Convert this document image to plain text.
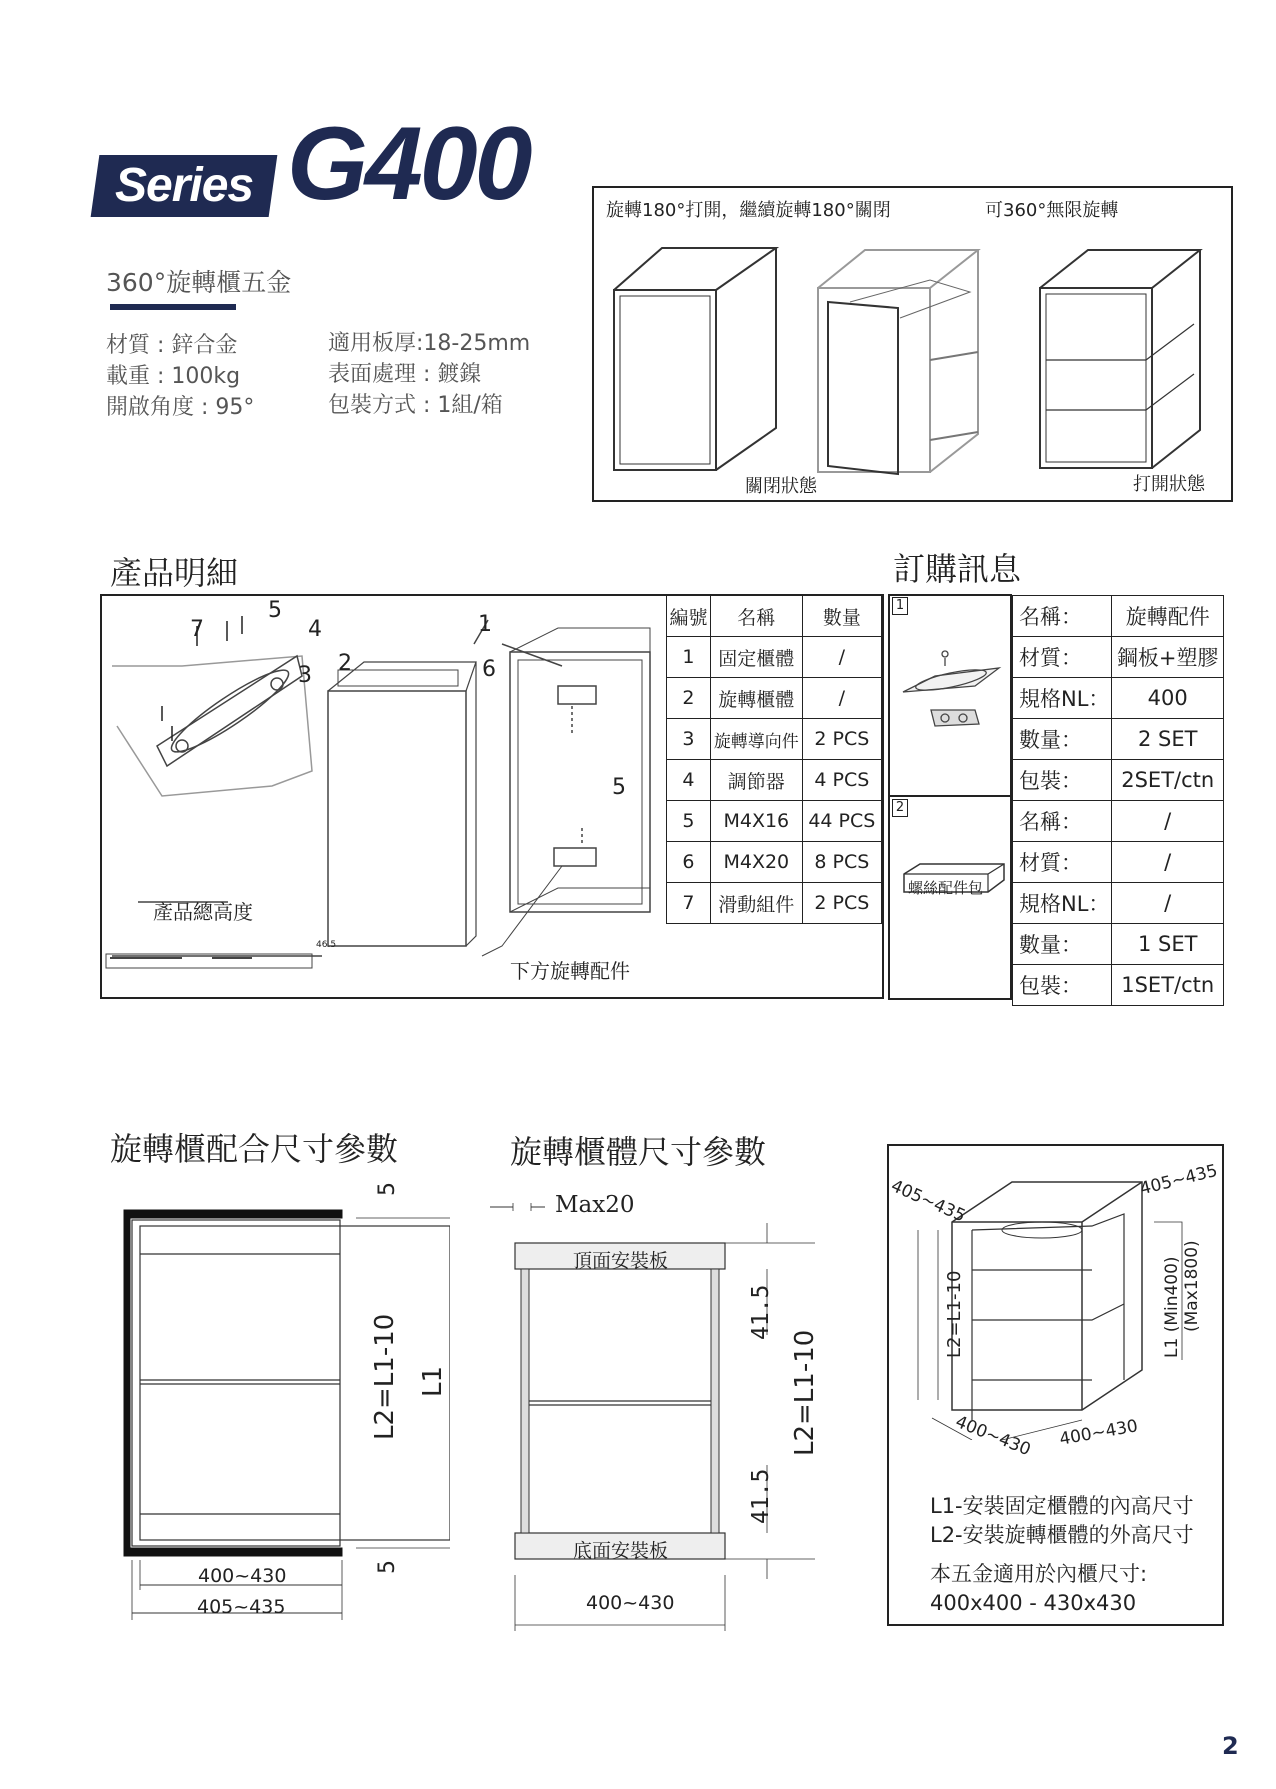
Series G400
360°旋轉櫃五金
材質 : 鋅合金
載重 : 100kg
開啟角度 : 95°
適用板厚:18-25mm
表面處理 : 鍍鎳
包裝方式 : 1組/箱
旋轉180°打開，繼續旋轉180°關閉	可360°無限旋轉
關閉狀態	打開狀態
產品明細	訂購訊息
7
5
4
3 2
1
6
5
產品總高度
46.5
下方旋轉配件
編號	名稱	數量
1	固定櫃體	/
2	旋轉櫃體	/
3	旋轉導向件	2 PCS
4	調節器	4 PCS
5	M4X16	44 PCS
6	M4X20	8 PCS
7	滑動組件	2 PCS
1
2
螺絲配件包
名稱：	旋轉配件
材質：	鋼板+塑膠
規格NL：	400
數量：	2 SET
包裝：	2SET/ctn
名稱：	/
材質：	/
規格NL：	/
數量：	1 SET
包裝：	1SET/ctn
旋轉櫃配合尺寸參數	旋轉櫃體尺寸參數
5
5
L2=L1-10 L1
400~430
405~435
Max20
頂面安裝板
底面安裝板
41.5
41.5
L2=L1-10
400~430
405~435	405~435
L2=L1-10	L1 (Min400) (Max1800)
400~430 400~430
L1-安裝固定櫃體的內高尺寸
L2-安裝旋轉櫃體的外高尺寸
本五金適用於內櫃尺寸:
400x400 - 430x430
2
